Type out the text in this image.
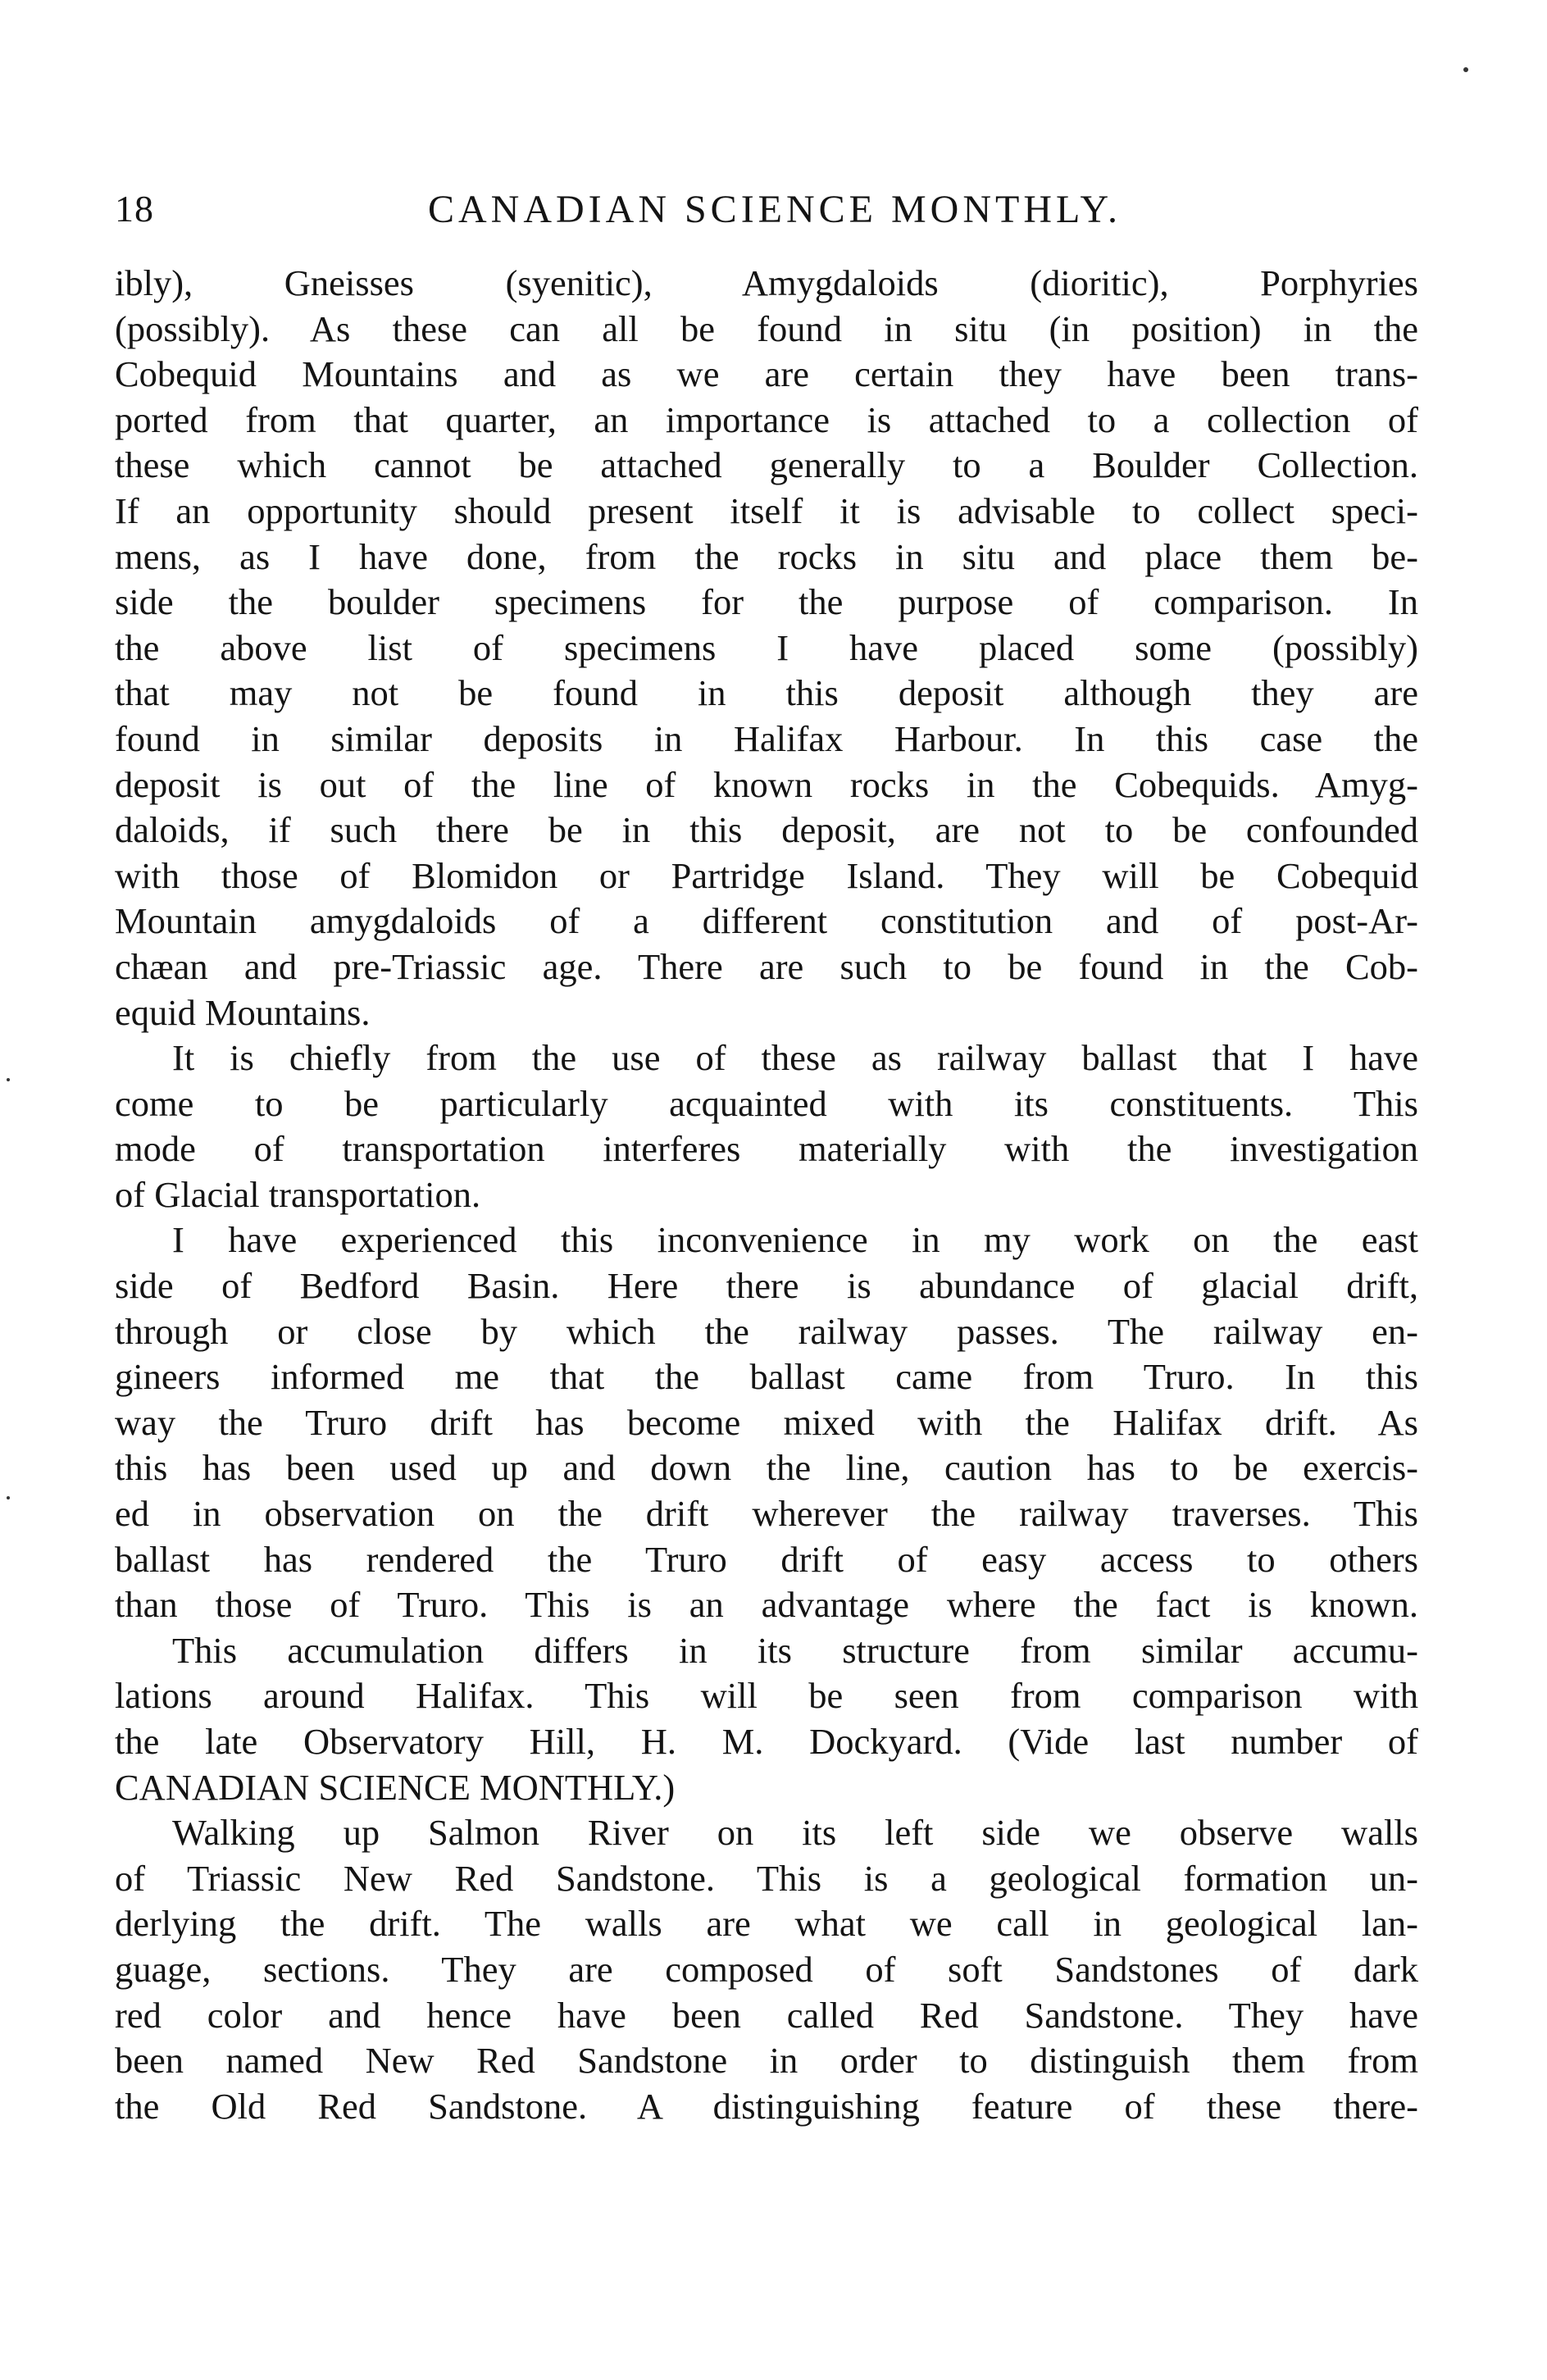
18	CANADIAN SCIENCE MONTHLY.
ibly), Gneisses (syenitic), Amygdaloids (dioritic), Porphyries
(possibly). As these can all be found in situ (in position) in the
Cobequid Mountains and as we are certain they have been trans-
ported from that quarter, an importance is attached to a collection of
these which cannot be attached generally to a Boulder Collection.
If an opportunity should present itself it is advisable to collect speci-
mens, as I have done, from the rocks in situ and place them be-
side the boulder specimens for the purpose of comparison. In
the above list of specimens I have placed some (possibly)
that may not be found in this deposit although they are
found in similar deposits in Halifax Harbour. In this case the
deposit is out of the line of known rocks in the Cobequids. Amyg-
daloids, if such there be in this deposit, are not to be confounded
with those of Blomidon or Partridge Island. They will be Cobequid
Mountain amygdaloids of a different constitution and of post-Ar-
chæan and pre-Triassic age. There are such to be found in the Cob-
equid Mountains.
It is chiefly from the use of these as railway ballast that I have
come to be particularly acquainted with its constituents. This
mode of transportation interferes materially with the investigation
of Glacial transportation.
I have experienced this inconvenience in my work on the east
side of Bedford Basin. Here there is abundance of glacial drift,
through or close by which the railway passes. The railway en-
gineers informed me that the ballast came from Truro. In this
way the Truro drift has become mixed with the Halifax drift. As
this has been used up and down the line, caution has to be exercis-
ed in observation on the drift wherever the railway traverses. This
ballast has rendered the Truro drift of easy access to others
than those of Truro. This is an advantage where the fact is known.
This accumulation differs in its structure from similar accumu-
lations around Halifax. This will be seen from comparison with
the late Observatory Hill, H. M. Dockyard. (Vide last number of
CANADIAN SCIENCE MONTHLY.)
Walking up Salmon River on its left side we observe walls
of Triassic New Red Sandstone. This is a geological formation un-
derlying the drift. The walls are what we call in geological lan-
guage, sections. They are composed of soft Sandstones of dark
red color and hence have been called Red Sandstone. They have
been named New Red Sandstone in order to distinguish them from
the Old Red Sandstone. A distinguishing feature of these there-
